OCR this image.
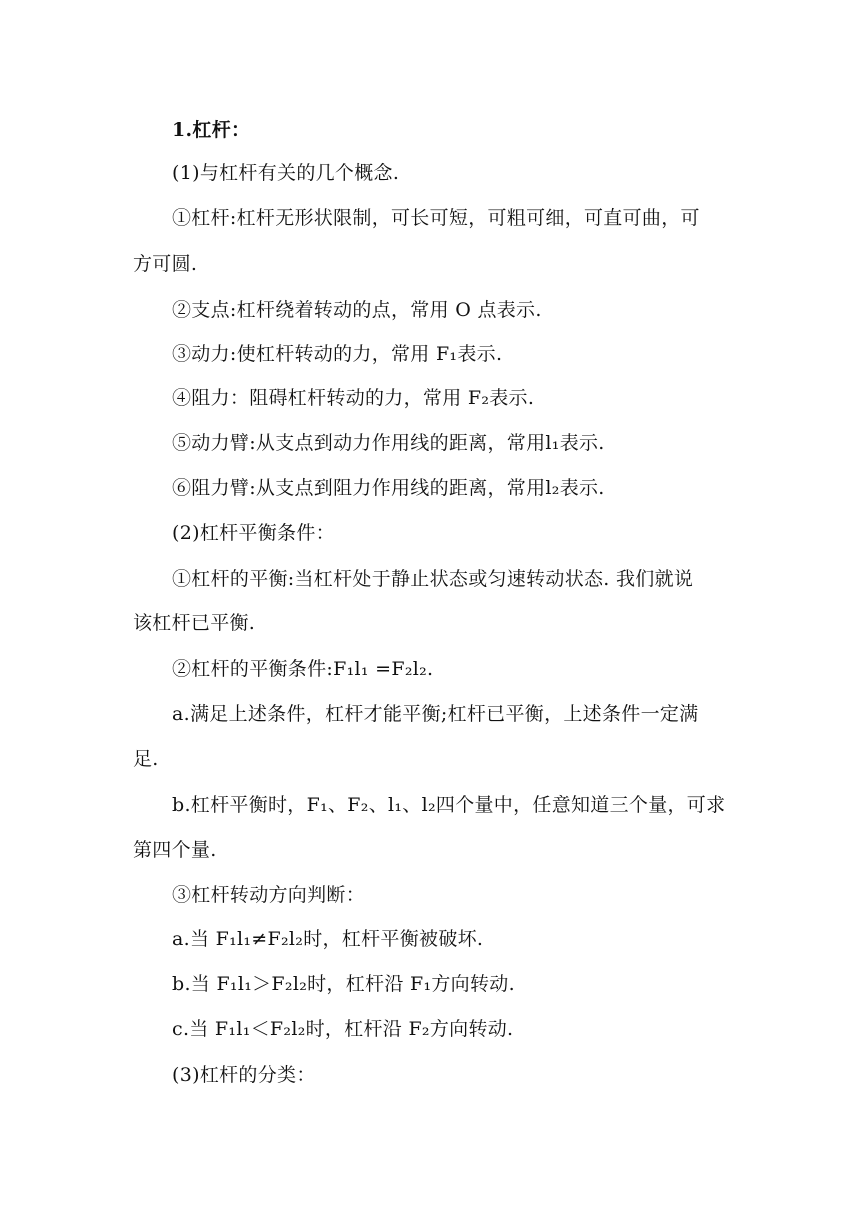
1.杠杆：
(1)与杠杆有关的几个概念.
①杠杆:杠杆无形状限制，可长可短，可粗可细，可直可曲，可
方可圆.
②支点:杠杆绕着转动的点，常用 O 点表示.
③动力:使杠杆转动的力，常用 F₁表示.
④阻力：阻碍杠杆转动的力，常用 F₂表示.
⑤动力臂:从支点到动力作用线的距离，常用l₁表示.
⑥阻力臂:从支点到阻力作用线的距离，常用l₂表示.
(2)杠杆平衡条件：
①杠杆的平衡:当杠杆处于静止状态或匀速转动状态. 我们就说
该杠杆已平衡.
②杠杆的平衡条件:F₁l₁ =F₂l₂.
a.满足上述条件，杠杆才能平衡;杠杆已平衡，上述条件一定满
足.
b.杠杆平衡时，F₁、F₂、l₁、l₂四个量中，任意知道三个量，可求
第四个量.
③杠杆转动方向判断：
a.当 F₁l₁≠F₂l₂时，杠杆平衡被破坏.
b.当 F₁l₁＞F₂l₂时，杠杆沿 F₁方向转动.
c.当 F₁l₁＜F₂l₂时，杠杆沿 F₂方向转动.
(3)杠杆的分类：
